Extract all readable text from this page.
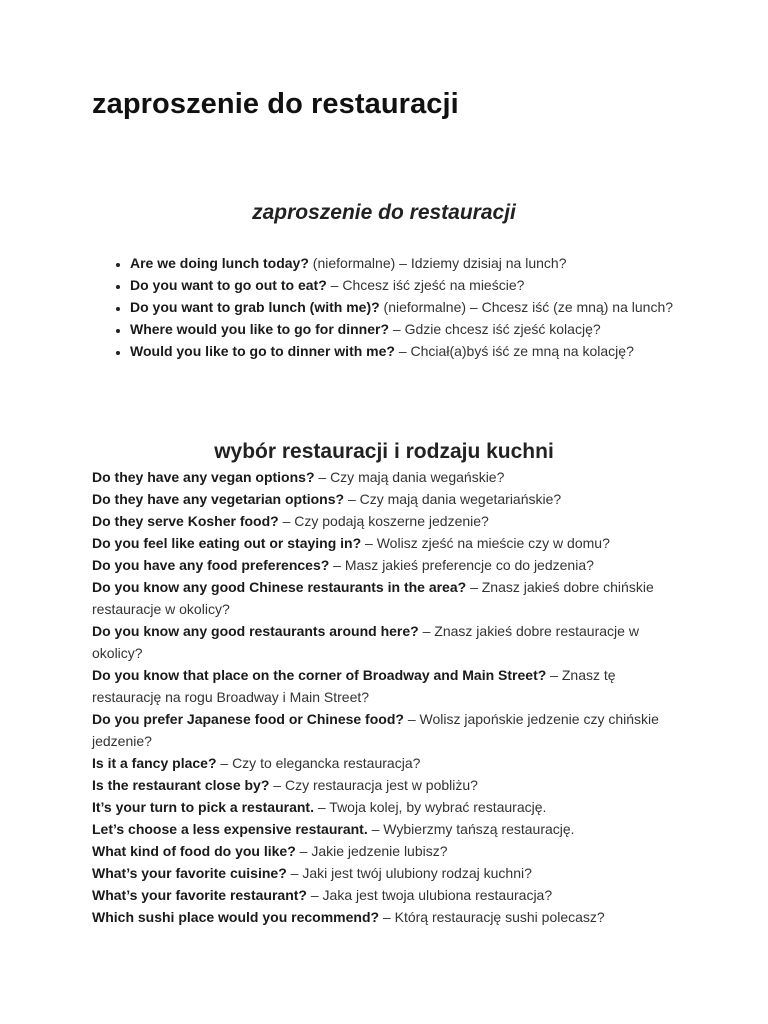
zaproszenie do restauracji
zaproszenie do restauracji
• Are we doing lunch today? (nieformalne) – Idziemy dzisiaj na lunch?
• Do you want to go out to eat? – Chcesz iść zjeść na mieście?
• Do you want to grab lunch (with me)? (nieformalne) – Chcesz iść (ze mną) na lunch?
• Where would you like to go for dinner? – Gdzie chcesz iść zjeść kolację?
• Would you like to go to dinner with me? – Chciał(a)byś iść ze mną na kolację?
wybór restauracji i rodzaju kuchni

Do they have any vegan options? – Czy mają dania wegańskie?

Do they have any vegetarian options? – Czy mają dania wegetariańskie?

Do they serve Kosher food? – Czy podają koszerne jedzenie?

Do you feel like eating out or staying in? – Wolisz zjeść na mieście czy w domu?

Do you have any food preferences? – Masz jakieś preferencje co do jedzenia?

Do you know any good Chinese restaurants in the area? – Znasz jakieś dobre chińskie restauracje w okolicy?

Do you know any good restaurants around here? – Znasz jakieś dobre restauracje w okolicy?

Do you know that place on the corner of Broadway and Main Street? – Znasz tę restaurację na rogu Broadway i Main Street?

Do you prefer Japanese food or Chinese food? – Wolisz japońskie jedzenie czy chińskie jedzenie?

Is it a fancy place? – Czy to elegancka restauracja?

Is the restaurant close by? – Czy restauracja jest w pobliżu?

It’s your turn to pick a restaurant. – Twoja kolej, by wybrać restaurację.

Let’s choose a less expensive restaurant. – Wybierzmy tańszą restaurację.

What kind of food do you like? – Jakie jedzenie lubisz?

What’s your favorite cuisine? – Jaki jest twój ulubiony rodzaj kuchni?

What’s your favorite restaurant? – Jaka jest twoja ulubiona restauracja?

Which sushi place would you recommend? – Którą restaurację sushi polecasz?
